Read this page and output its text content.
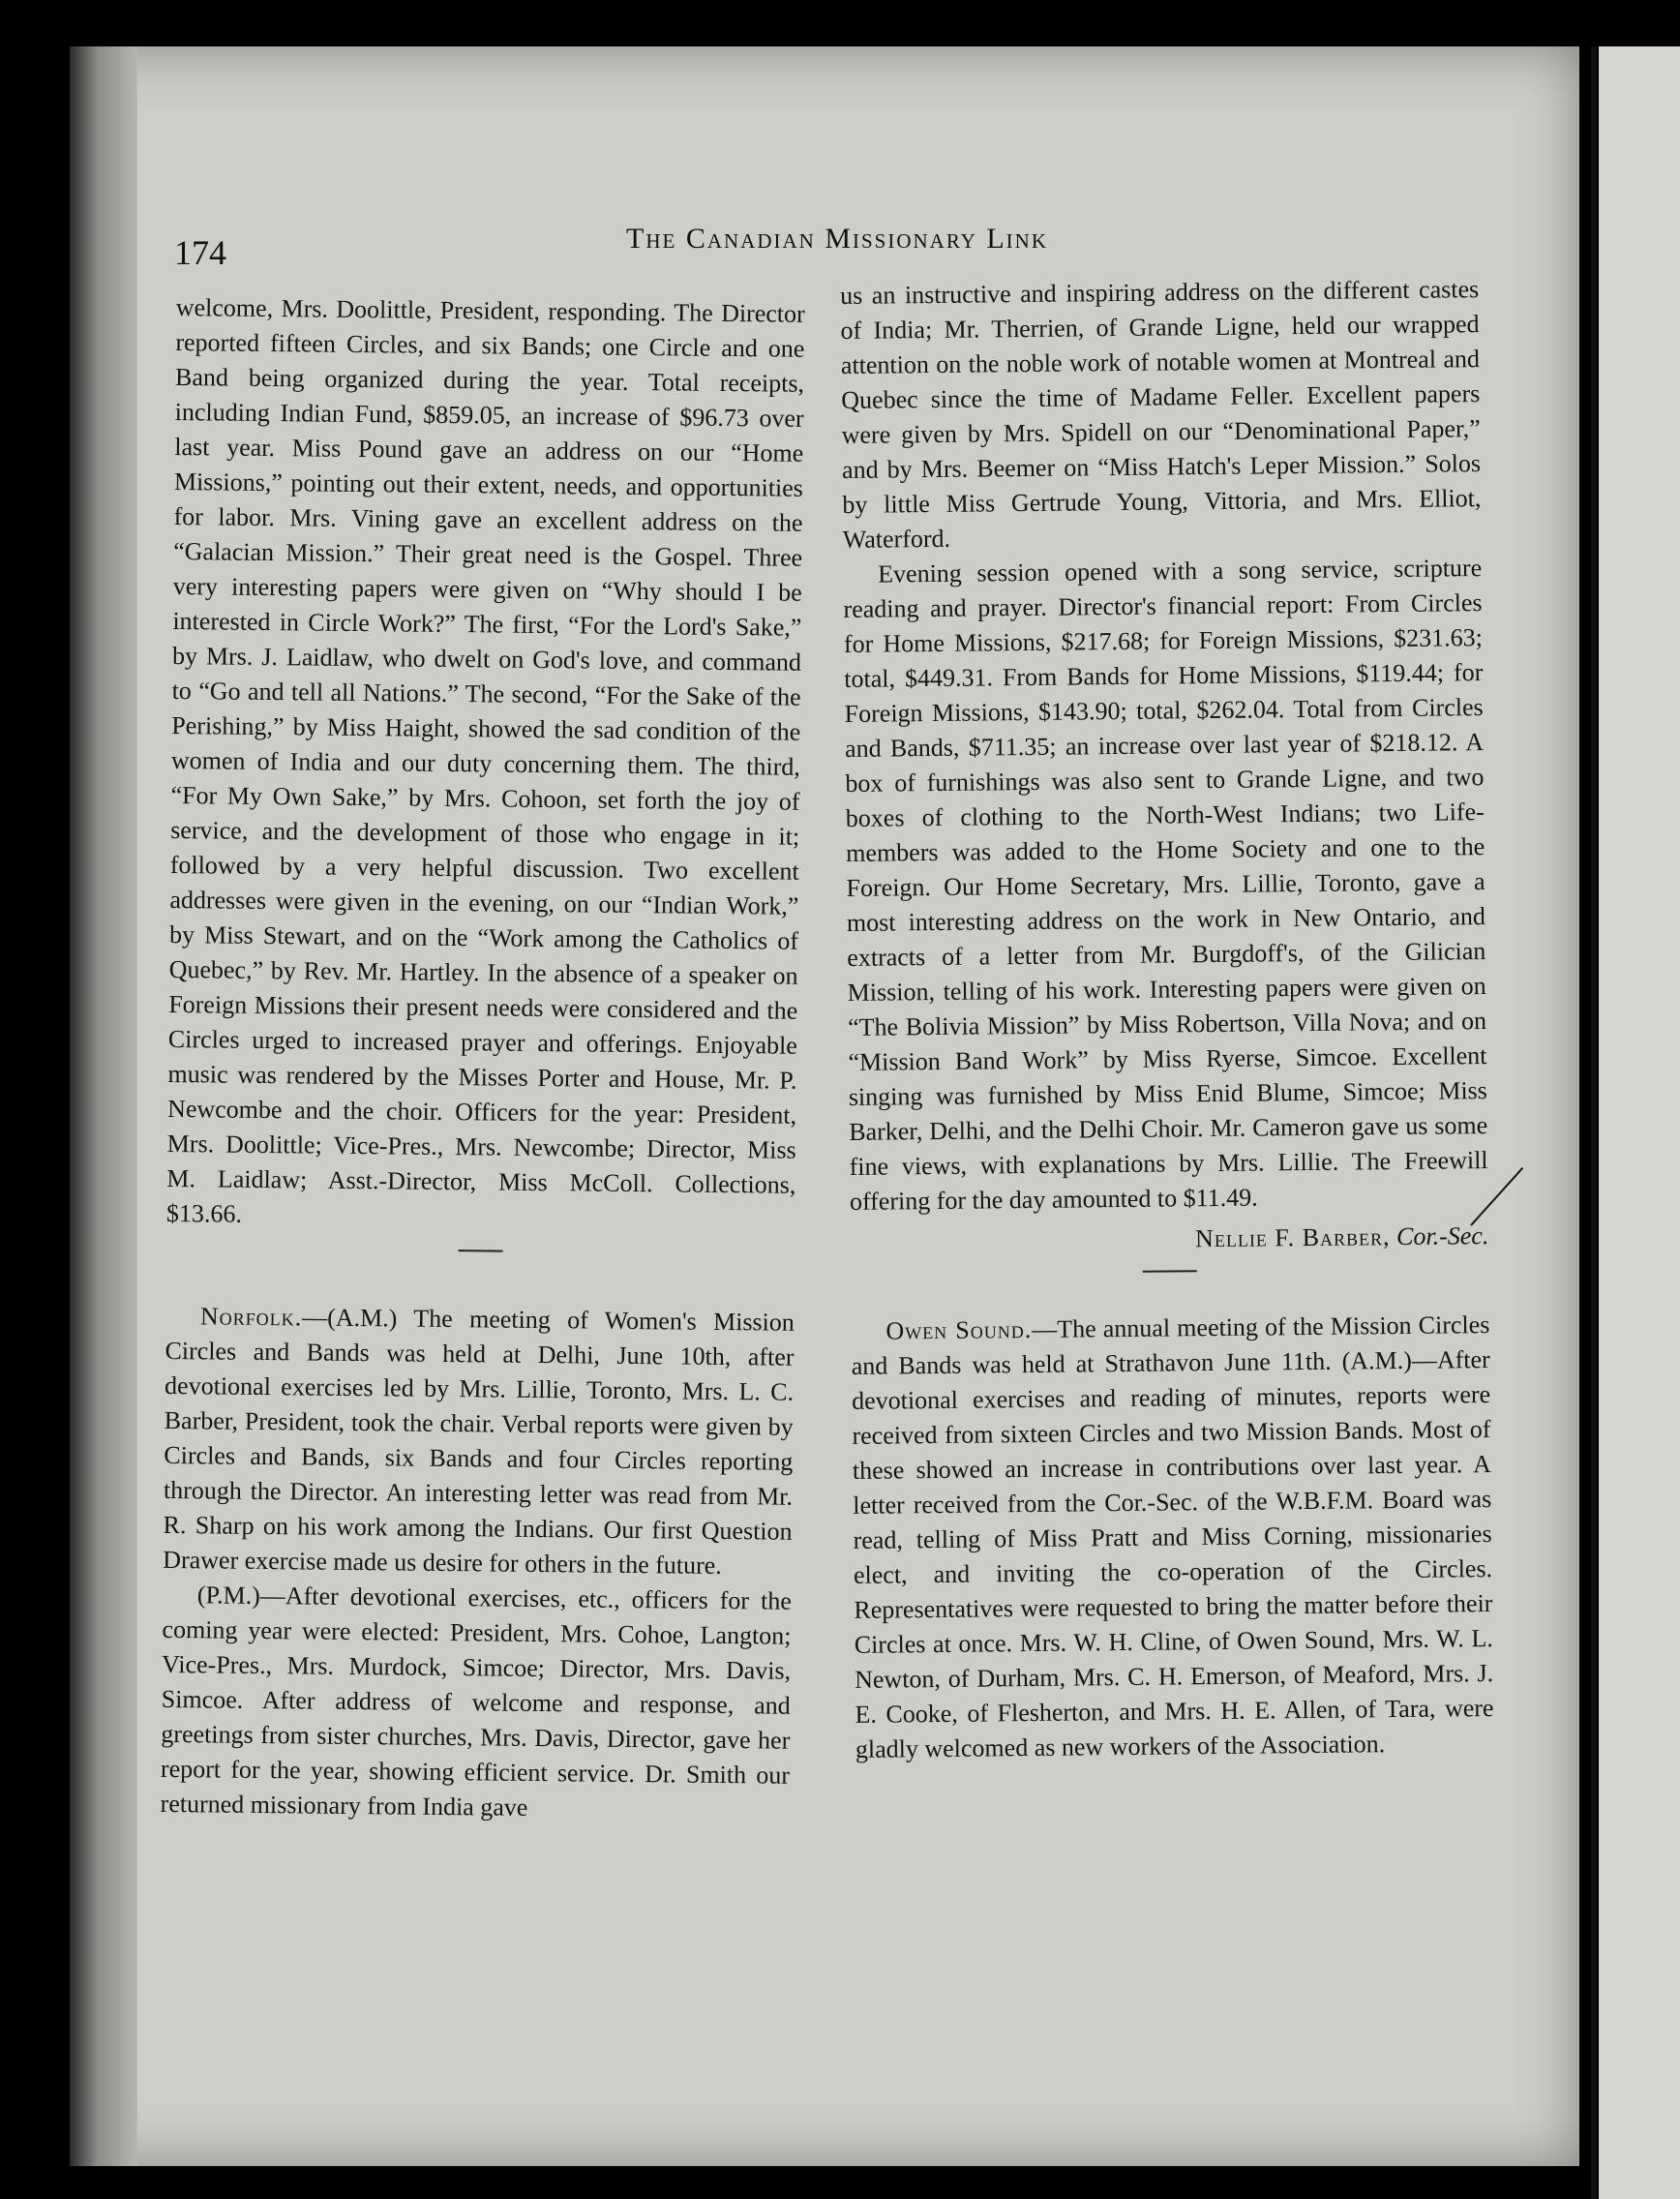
174	The Canadian Missionary Link

welcome, Mrs. Doolittle, President, responding. The Director reported fifteen Circles, and six Bands; one Circle and one Band being organized during the year. Total receipts, including Indian Fund, $859.05, an increase of $96.73 over last year. Miss Pound gave an address on our “Home Missions,” pointing out their extent, needs, and opportunities for labor. Mrs. Vining gave an excellent address on the “Galacian Mission.” Their great need is the Gospel. Three very interesting papers were given on “Why should I be interested in Circle Work?” The first, “For the Lord's Sake,” by Mrs. J. Laidlaw, who dwelt on God's love, and command to “Go and tell all Nations.” The second, “For the Sake of the Perishing,” by Miss Haight, showed the sad condition of the women of India and our duty concerning them. The third, “For My Own Sake,” by Mrs. Cohoon, set forth the joy of service, and the development of those who engage in it; followed by a very helpful discussion. Two excellent addresses were given in the evening, on our “Indian Work,” by Miss Stewart, and on the “Work among the Catholics of Quebec,” by Rev. Mr. Hartley. In the absence of a speaker on Foreign Missions their present needs were considered and the Circles urged to increased prayer and offerings. Enjoyable music was rendered by the Misses Porter and House, Mr. P. Newcombe and the choir. Officers for the year: President, Mrs. Doolittle; Vice-Pres., Mrs. Newcombe; Director, Miss M. Laidlaw; Asst.-Director, Miss McColl. Collections, $13.66.

Norfolk.—(A.M.) The meeting of Women's Mission Circles and Bands was held at Delhi, June 10th, after devotional exercises led by Mrs. Lillie, Toronto, Mrs. L. C. Barber, President, took the chair. Verbal reports were given by Circles and Bands, six Bands and four Circles reporting through the Director. An interesting letter was read from Mr. R. Sharp on his work among the Indians. Our first Question Drawer exercise made us desire for others in the future.

(P.M.)—After devotional exercises, etc., officers for the coming year were elected: President, Mrs. Cohoe, Langton; Vice-Pres., Mrs. Murdock, Simcoe; Director, Mrs. Davis, Simcoe. After address of welcome and response, and greetings from sister churches, Mrs. Davis, Director, gave her report for the year, showing efficient service. Dr. Smith our returned missionary from India gave

us an instructive and inspiring address on the different castes of India; Mr. Therrien, of Grande Ligne, held our wrapped attention on the noble work of notable women at Montreal and Quebec since the time of Madame Feller. Excellent papers were given by Mrs. Spidell on our “Denominational Paper,” and by Mrs. Beemer on “Miss Hatch's Leper Mission.” Solos by little Miss Gertrude Young, Vittoria, and Mrs. Elliot, Waterford.

Evening session opened with a song service, scripture reading and prayer. Director's financial report: From Circles for Home Missions, $217.68; for Foreign Missions, $231.63; total, $449.31. From Bands for Home Missions, $119.44; for Foreign Missions, $143.90; total, $262.04. Total from Circles and Bands, $711.35; an increase over last year of $218.12. A box of furnishings was also sent to Grande Ligne, and two boxes of clothing to the North-West Indians; two Life-members was added to the Home Society and one to the Foreign. Our Home Secretary, Mrs. Lillie, Toronto, gave a most interesting address on the work in New Ontario, and extracts of a letter from Mr. Burgdoff's, of the Gilician Mission, telling of his work. Interesting papers were given on “The Bolivia Mission” by Miss Robertson, Villa Nova; and on “Mission Band Work” by Miss Ryerse, Simcoe. Excellent singing was furnished by Miss Enid Blume, Simcoe; Miss Barker, Delhi, and the Delhi Choir. Mr. Cameron gave us some fine views, with explanations by Mrs. Lillie. The Freewill offering for the day amounted to $11.49.

Nellie F. Barber, Cor.-Sec.

Owen Sound.—The annual meeting of the Mission Circles and Bands was held at Strathavon June 11th. (A.M.)—After devotional exercises and reading of minutes, reports were received from sixteen Circles and two Mission Bands. Most of these showed an increase in contributions over last year. A letter received from the Cor.-Sec. of the W.B.F.M. Board was read, telling of Miss Pratt and Miss Corning, missionaries elect, and inviting the co-operation of the Circles. Representatives were requested to bring the matter before their Circles at once. Mrs. W. H. Cline, of Owen Sound, Mrs. W. L. Newton, of Durham, Mrs. C. H. Emerson, of Meaford, Mrs. J. E. Cooke, of Flesherton, and Mrs. H. E. Allen, of Tara, were gladly welcomed as new workers of the Association.
